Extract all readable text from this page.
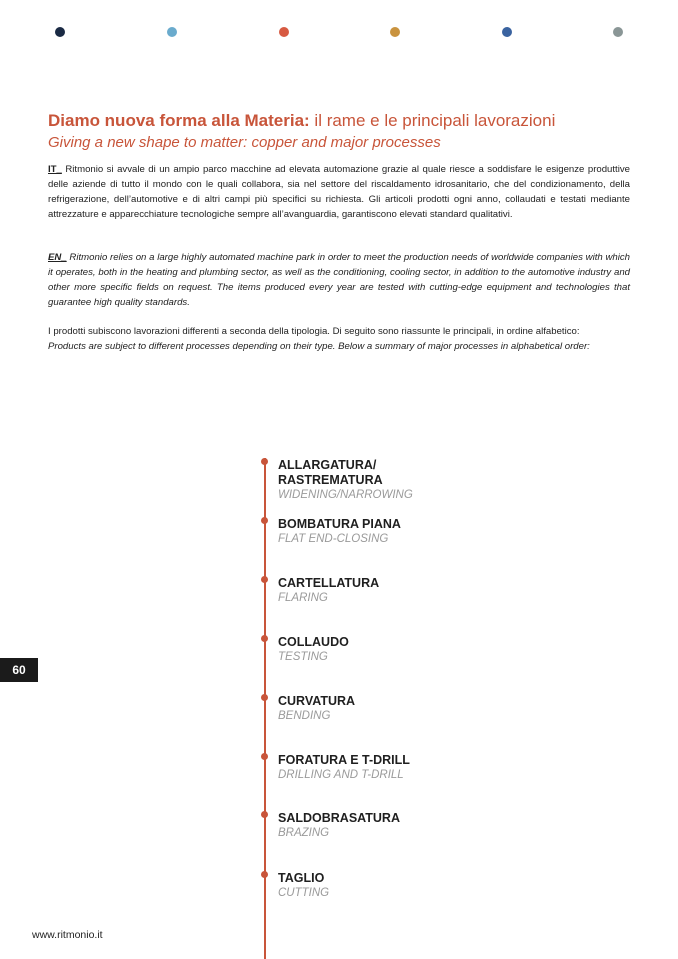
Diamo nuova forma alla Materia: il rame e le principali lavorazioni
Giving a new shape to matter: copper and major processes
IT_ Ritmonio si avvale di un ampio parco macchine ad elevata automazione grazie al quale riesce a soddisfare le esigenze produttive delle aziende di tutto il mondo con le quali collabora, sia nel settore del riscaldamento idrosanitario, che del condizionamento, della refrigerazione, dell’automotive e di altri campi più specifici su richiesta. Gli articoli prodotti ogni anno, collaudati e testati mediante attrezzature e apparecchiature tecnologiche sempre all’avanguardia, garantiscono elevati standard qualitativi.
EN_ Ritmonio relies on a large highly automated machine park in order to meet the production needs of worldwide companies with which it operates, both in the heating and plumbing sector, as well as the conditioning, cooling sector, in addition to the automotive industry and other more specific fields on request. The items produced every year are tested with cutting-edge equipment and technologies that guarantee high quality standards.
I prodotti subiscono lavorazioni differenti a seconda della tipologia. Di seguito sono riassunte le principali, in ordine alfabetico:
Products are subject to different processes depending on their type. Below a summary of major processes in alphabetical order:
ALLARGATURA/
RASTREMATURA
WIDENING/NARROWING
BOMBATURA PIANA
FLAT END-CLOSING
CARTELLATURA
FLARING
COLLAUDO
TESTING
CURVATURA
BENDING
FORATURA E T-DRILL
DRILLING AND T-DRILL
SALDOBRASATURA
BRAZING
TAGLIO
CUTTING
60
www.ritmonio.it
